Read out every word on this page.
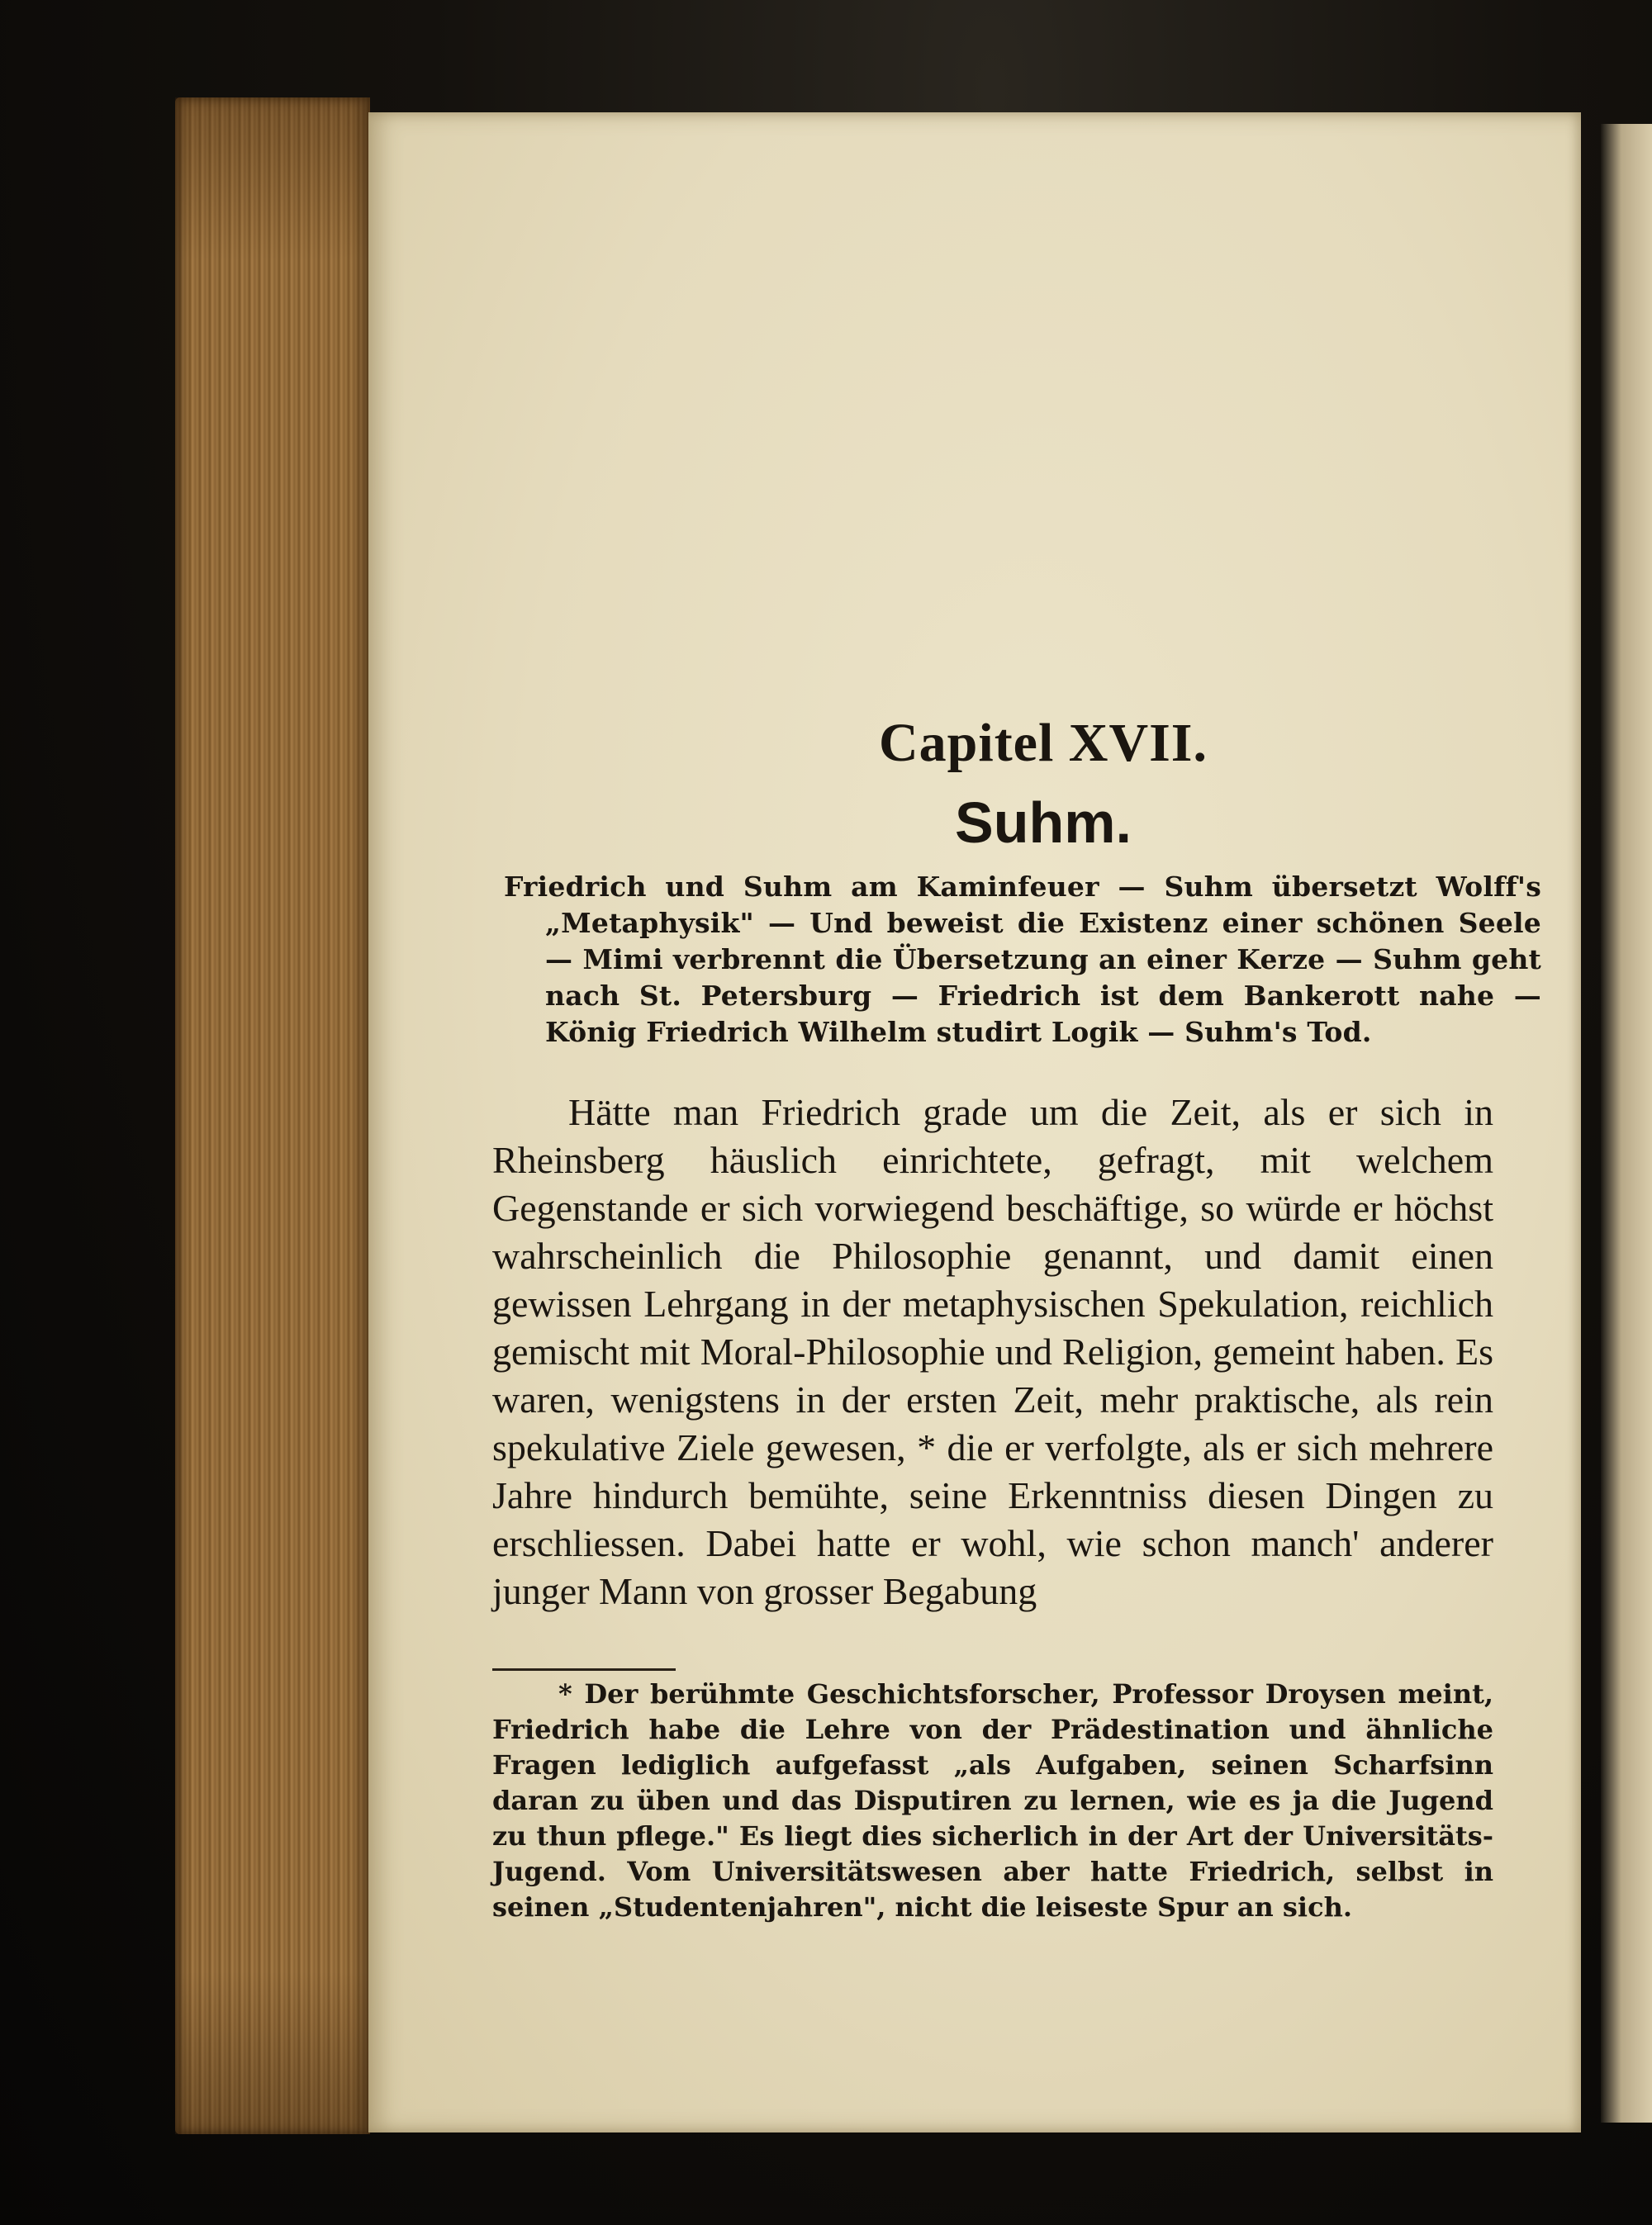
Capitel XVII.
Suhm.

Friedrich und Suhm am Kaminfeuer — Suhm übersetzt Wolff's „Metaphysik" — Und beweist die Existenz einer schönen Seele — Mimi verbrennt die Übersetzung an einer Kerze — Suhm geht nach St. Petersburg — Friedrich ist dem Bankerott nahe — König Friedrich Wilhelm studirt Logik — Suhm's Tod.

Hätte man Friedrich grade um die Zeit, als er sich in Rheinsberg häuslich einrichtete, gefragt, mit welchem Gegenstande er sich vorwiegend beschäftige, so würde er höchst wahrscheinlich die Philosophie genannt, und damit einen gewissen Lehrgang in der metaphysischen Spekulation, reichlich gemischt mit Moral-Philosophie und Religion, gemeint haben. Es waren, wenigstens in der ersten Zeit, mehr praktische, als rein spekulative Ziele gewesen, * die er verfolgte, als er sich mehrere Jahre hindurch bemühte, seine Erkenntniss diesen Dingen zu erschliessen. Dabei hatte er wohl, wie schon manch' anderer junger Mann von grosser Begabung

* Der berühmte Geschichtsforscher, Professor Droysen meint, Friedrich habe die Lehre von der Prädestination und ähnliche Fragen lediglich aufgefasst „als Aufgaben, seinen Scharfsinn daran zu üben und das Disputiren zu lernen, wie es ja die Jugend zu thun pflege." Es liegt dies sicherlich in der Art der Universitäts-Jugend. Vom Universitätswesen aber hatte Friedrich, selbst in seinen „Studentenjahren", nicht die leiseste Spur an sich.
